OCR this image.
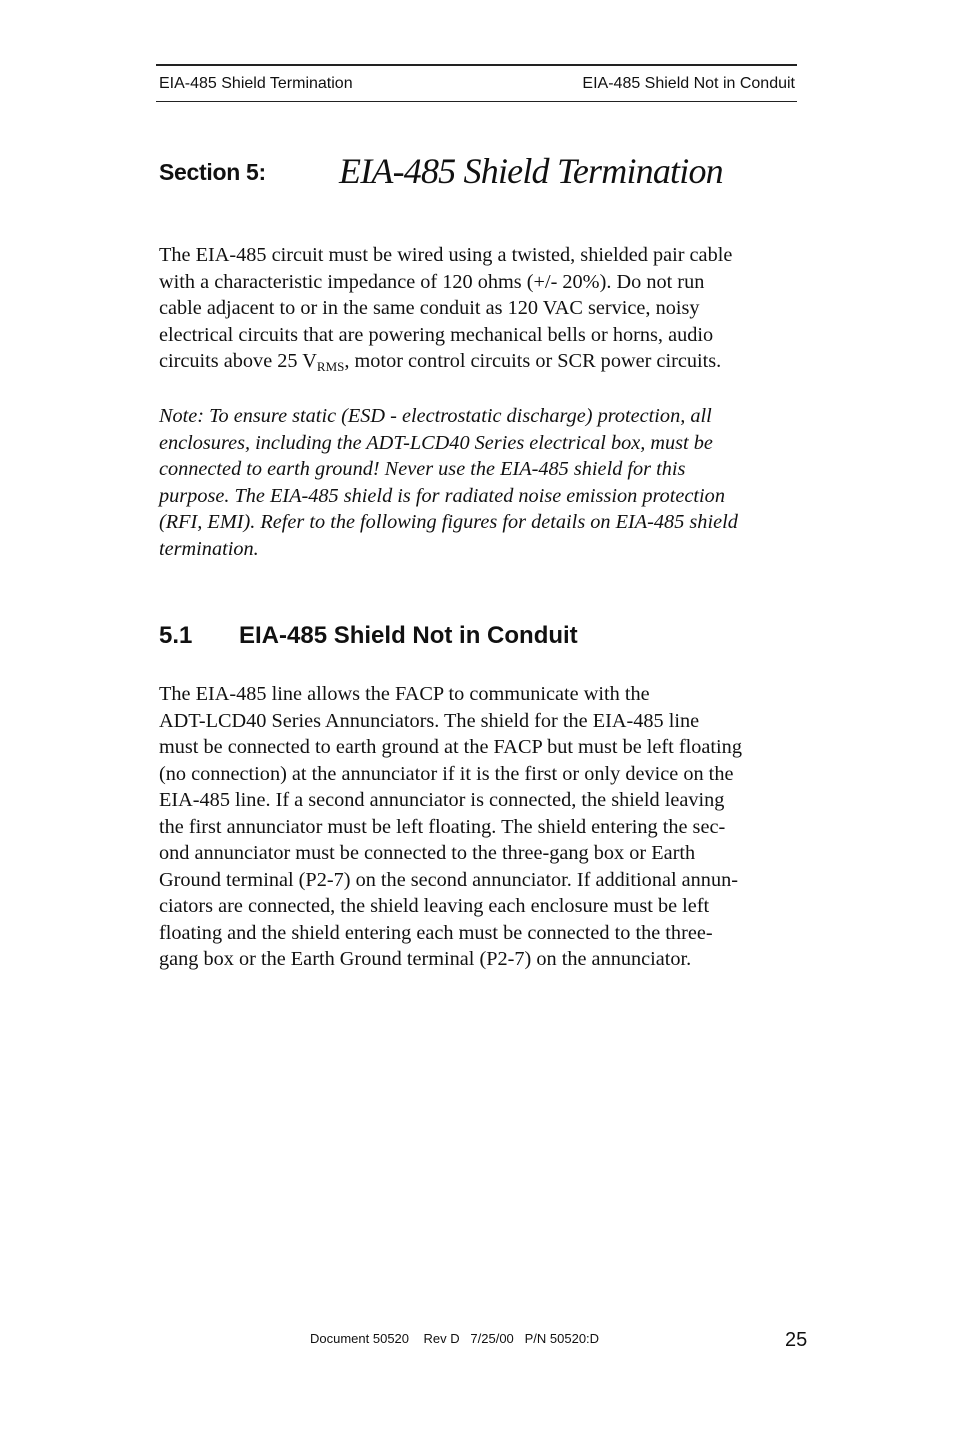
EIA-485 Shield Termination	EIA-485 Shield Not in Conduit
Section 5: EIA-485 Shield Termination
The EIA-485 circuit must be wired using a twisted, shielded pair cable
with a characteristic impedance of 120 ohms (+/- 20%). Do not run
cable adjacent to or in the same conduit as 120 VAC service, noisy
electrical circuits that are powering mechanical bells or horns, audio
circuits above 25 $V_{RMS}$, motor control circuits or SCR power circuits.
Note: To ensure static (ESD - electrostatic discharge) protection, all
enclosures, including the ADT-LCD40 Series electrical box, must be
connected to earth ground! Never use the EIA-485 shield for this
purpose. The EIA-485 shield is for radiated noise emission protection
(RFI, EMI). Refer to the following figures for details on EIA-485 shield
termination.
5.1 EIA-485 Shield Not in Conduit
The EIA-485 line allows the FACP to communicate with the
ADT-LCD40 Series Annunciators. The shield for the EIA-485 line
must be connected to earth ground at the FACP but must be left floating
(no connection) at the annunciator if it is the first or only device on the
EIA-485 line. If a second annunciator is connected, the shield leaving
the first annunciator must be left floating. The shield entering the sec-
ond annunciator must be connected to the three-gang box or Earth
Ground terminal (P2-7) on the second annunciator. If additional annun-
ciators are connected, the shield leaving each enclosure must be left
floating and the shield entering each must be connected to the three-
gang box or the Earth Ground terminal (P2-7) on the annunciator.
Document 50520    Rev D   7/25/00   P/N 50520:D	25
